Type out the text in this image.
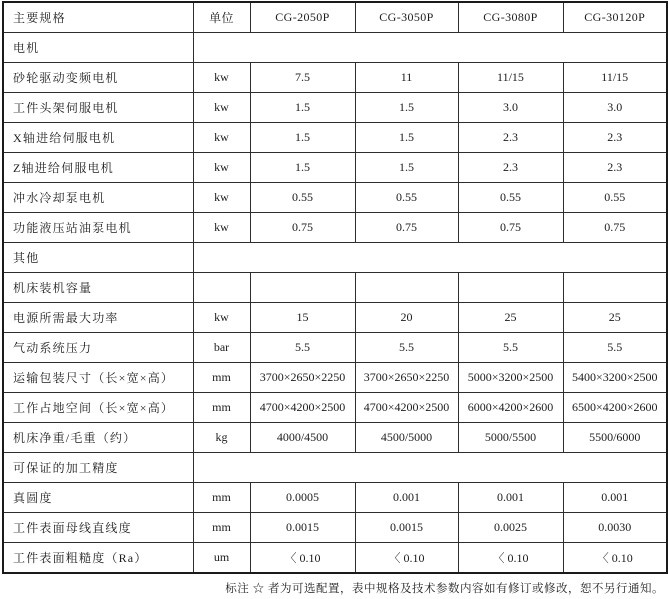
主要规格	单位	CG-2050P	CG-3050P	CG-3080P	CG-30120P
电机					
砂轮驱动变频电机	kw	7.5	11	11/15	11/15
工件头架伺服电机	kw	1.5	1.5	3.0	3.0
X轴进给伺服电机	kw	1.5	1.5	2.3	2.3
Z轴进给伺服电机	kw	1.5	1.5	2.3	2.3
冲水冷却泵电机	kw	0.55	0.55	0.55	0.55
功能液压站油泵电机	kw	0.75	0.75	0.75	0.75
其他					
机床装机容量					
电源所需最大功率	kw	15	20	25	25
气动系统压力	bar	5.5	5.5	5.5	5.5
运输包装尺寸（长×宽×高）	mm	3700×2650×2250	3700×2650×2250	5000×3200×2500	5400×3200×2500
工作占地空间（长×宽×高）	mm	4700×4200×2500	4700×4200×2500	6000×4200×2600	6500×4200×2600
机床净重/毛重（约）	kg	4000/4500	4500/5000	5000/5500	5500/6000
可保证的加工精度					
真圆度	mm	0.0005	0.001	0.001	0.001
工件表面母线直线度	mm	0.0015	0.0015	0.0025	0.0030
工件表面粗糙度（Ra）	um	〈 0.10	〈 0.10	〈 0.10	〈 0.10
标注 ☆ 者为可选配置，表中规格及技术参数内容如有修订或修改，恕不另行通知。
